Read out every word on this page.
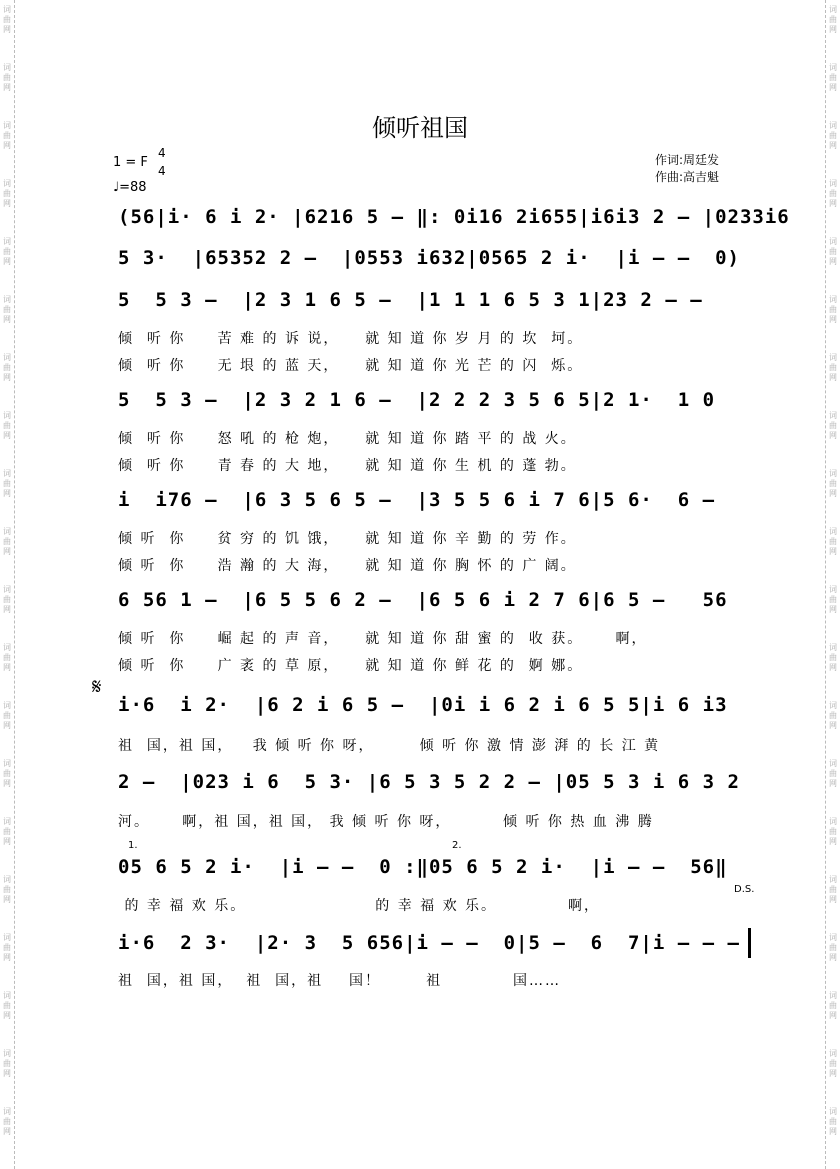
词
曲
网
词
曲
网
词
曲
网
词
曲
网
词
曲
网
词
曲
网
词
曲
网
词
曲
网
词
曲
网
词
曲
网
词
曲
网
词
曲
网
词
曲
网
词
曲
网
词
曲
网
词
曲
网
词
曲
网
词
曲
网
词
曲
网
词
曲
网
词
曲
网
词
曲
网
词
曲
网
词
曲
网
词
曲
网
词
曲
网
词
曲
网
词
曲
网
词
曲
网
词
曲
网
词
曲
网
词
曲
网
词
曲
网
词
曲
网
词
曲
网
词
曲
网
词
曲
网
词
曲
网
词
曲
网
词
曲
网
倾听祖国
1 = F
4
4
♩=88
作词:周廷发
作曲:高吉魁
(56|i· 6 i 2· |6216 5 – ‖: 0i16 2i655|i6i3 2 – |0233i6
5 3·  |65352 2 –  |0553 i632|0565 2 i·  |i – –  0)
5  5 3 –  |2 3 1 6 5 –  |1 1 1 6 5 3 1|23 2 – –
5  5 3 –  |2 3 2 1 6 –  |2 2 2 3 5 6 5|2 1·  1 0
i  i76 –  |6 3 5 6 5 –  |3 5 5 6 i 7 6|5 6·  6 –
6 56 1 –  |6 5 5 6 2 –  |6 5 6 i 2 7 6|6 5 –   56
i·6  i 2·  |6 2 i 6 5 –  |0i i 6 2 i 6 5 5|i 6 i3
2 –  |023 i 6  5 3· |6 5 3 5 2 2 – |05 5 3 i 6 3 2
05 6 5 2 i·  |i – –  0 :‖05 6 5 2 i·  |i – –  56‖
i·6  2 3·  |2· 3  5 656|i – –  0|5 –  6  7|i – – –
倾  听 你     苦 难 的 诉 说，    就 知 道 你 岁 月 的 坎  坷。
倾  听 你     无 垠 的 蓝 天，    就 知 道 你 光 芒 的 闪  烁。
倾  听 你     怒 吼 的 枪 炮，    就 知 道 你 踏 平 的 战 火。
倾  听 你     青 春 的 大 地，    就 知 道 你 生 机 的 蓬 勃。
倾 听  你     贫 穷 的 饥 饿，    就 知 道 你 辛 勤 的 劳 作。
倾 听  你     浩 瀚 的 大 海，    就 知 道 你 胸 怀 的 广 阔。
倾 听  你     崛 起 的 声 音，    就 知 道 你 甜 蜜 的  收 获。     啊，
倾 听  你     广 袤 的 草 原，    就 知 道 你 鲜 花 的  婀 娜。
祖  国，祖 国，   我 倾 听 你 呀，       倾 听 你 激 情 澎 湃 的 长 江 黄
河。     啊，祖 国，祖 国， 我 倾 听 你 呀，        倾 听 你 热 血 沸 腾
的 幸 福 欢 乐。                    的 幸 福 欢 乐。           啊，
祖  国，祖 国，  祖  国，祖    国！       祖           国……
𝄋
1.	2.
D.S.
